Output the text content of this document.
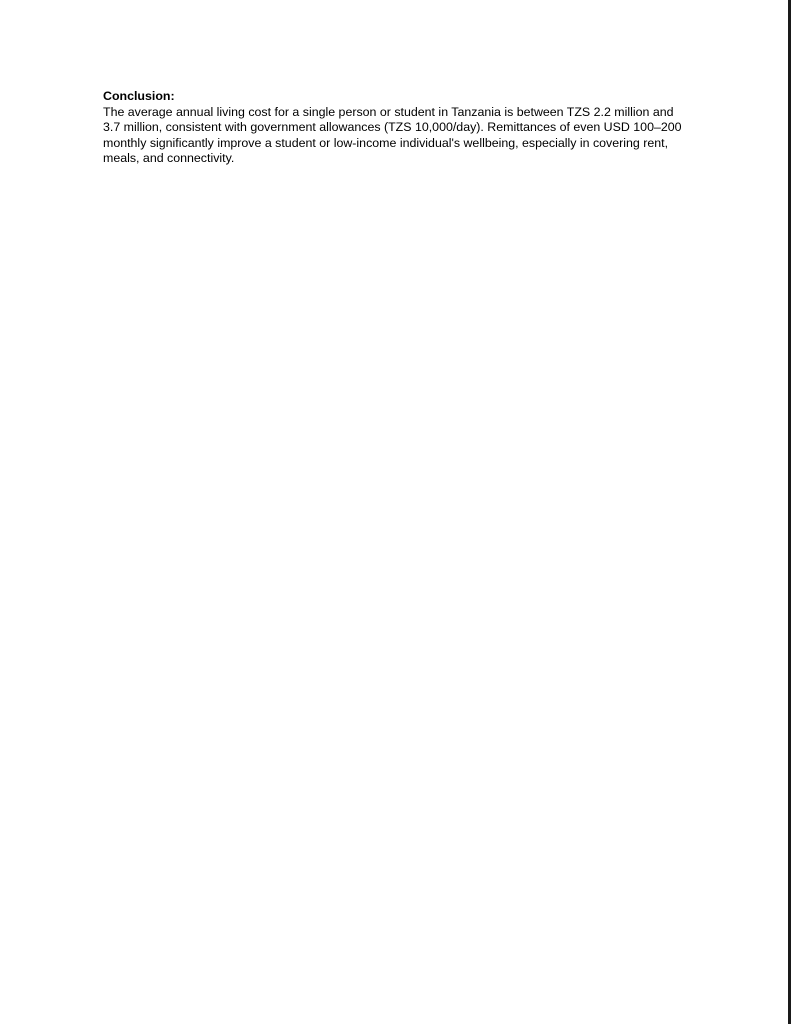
Conclusion:

The average annual living cost for a single person or student in Tanzania is between TZS 2.2 million and 3.7 million, consistent with government allowances (TZS 10,000/day). Remittances of even USD 100–200 monthly significantly improve a student or low-income individual's wellbeing, especially in covering rent, meals, and connectivity.
